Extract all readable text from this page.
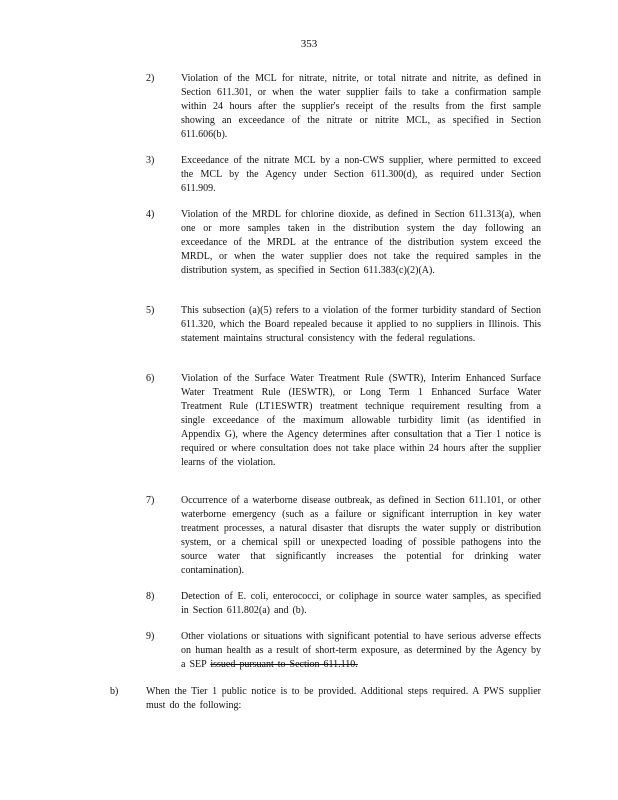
353
2)	Violation of the MCL for nitrate, nitrite, or total nitrate and nitrite, as defined in Section 611.301, or when the water supplier fails to take a confirmation sample within 24 hours after the supplier's receipt of the results from the first sample showing an exceedance of the nitrate or nitrite MCL, as specified in Section 611.606(b).
3)	Exceedance of the nitrate MCL by a non-CWS supplier, where permitted to exceed the MCL by the Agency under Section 611.300(d), as required under Section 611.909.
4)	Violation of the MRDL for chlorine dioxide, as defined in Section 611.313(a), when one or more samples taken in the distribution system the day following an exceedance of the MRDL at the entrance of the distribution system exceed the MRDL, or when the water supplier does not take the required samples in the distribution system, as specified in Section 611.383(c)(2)(A).
5)	This subsection (a)(5) refers to a violation of the former turbidity standard of Section 611.320, which the Board repealed because it applied to no suppliers in Illinois. This statement maintains structural consistency with the federal regulations.
6)	Violation of the Surface Water Treatment Rule (SWTR), Interim Enhanced Surface Water Treatment Rule (IESWTR), or Long Term 1 Enhanced Surface Water Treatment Rule (LT1ESWTR) treatment technique requirement resulting from a single exceedance of the maximum allowable turbidity limit (as identified in Appendix G), where the Agency determines after consultation that a Tier 1 notice is required or where consultation does not take place within 24 hours after the supplier learns of the violation.
7)	Occurrence of a waterborne disease outbreak, as defined in Section 611.101, or other waterborne emergency (such as a failure or significant interruption in key water treatment processes, a natural disaster that disrupts the water supply or distribution system, or a chemical spill or unexpected loading of possible pathogens into the source water that significantly increases the potential for drinking water contamination).
8)	Detection of E. coli, enterococci, or coliphage in source water samples, as specified in Section 611.802(a) and (b).
9)	Other violations or situations with significant potential to have serious adverse effects on human health as a result of short-term exposure, as determined by the Agency by a SEP issued pursuant to Section 611.110.
b)	When the Tier 1 public notice is to be provided. Additional steps required. A PWS supplier must do the following:
